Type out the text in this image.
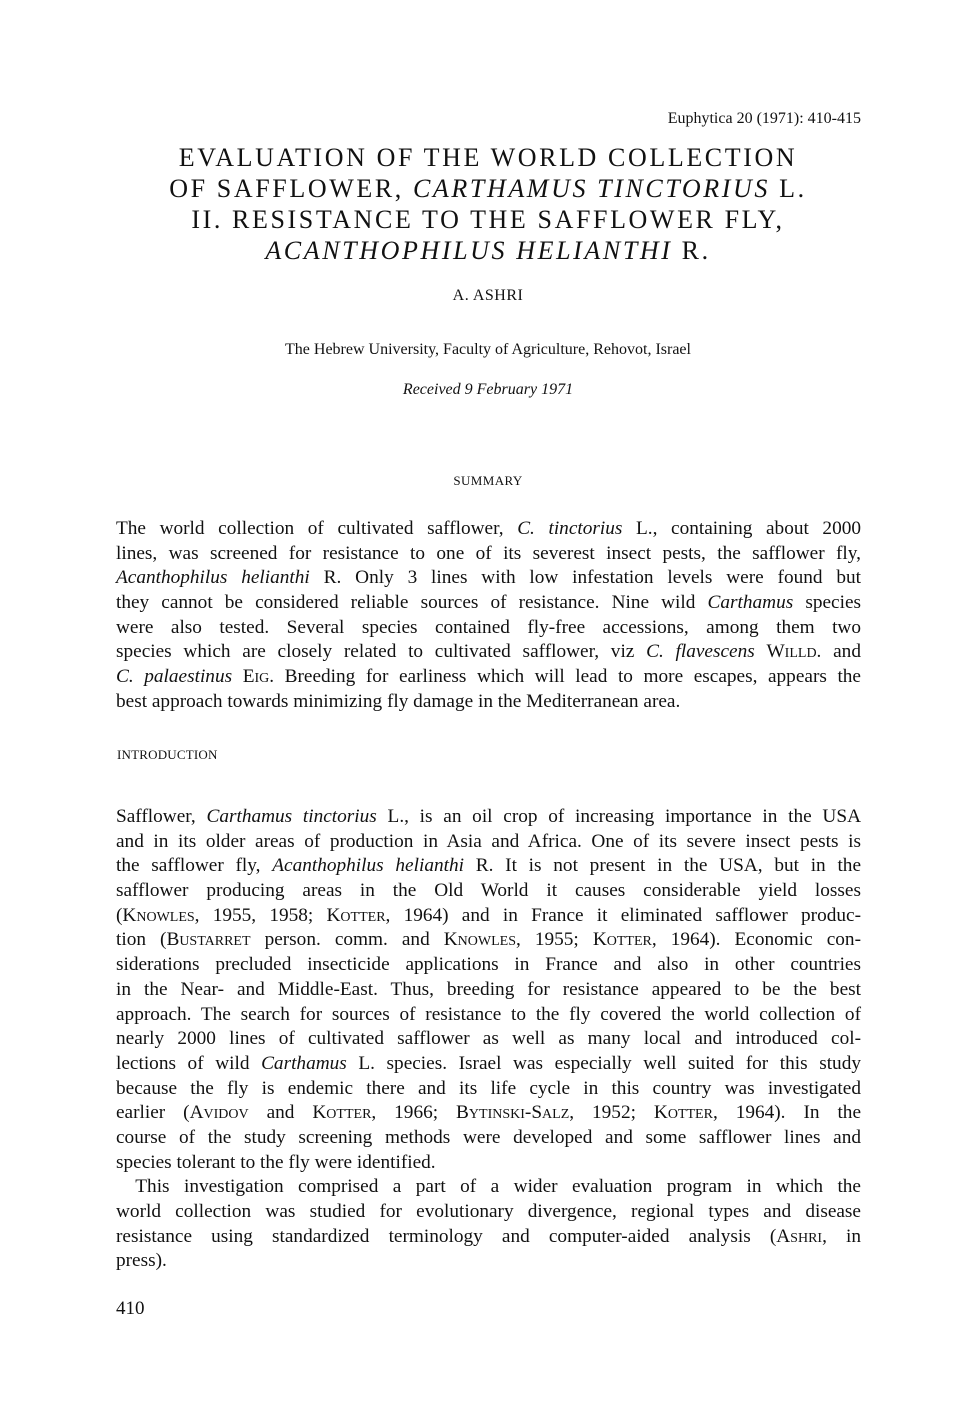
Euphytica 20 (1971): 410-415
EVALUATION OF THE WORLD COLLECTION
OF SAFFLOWER, CARTHAMUS TINCTORIUS L.
II. RESISTANCE TO THE SAFFLOWER FLY,
ACANTHOPHILUS HELIANTHI R.
A. ASHRI
The Hebrew University, Faculty of Agriculture, Rehovot, Israel
Received 9 February 1971
SUMMARY
The world collection of cultivated safflower, C. tinctorius L., containing about 2000
lines, was screened for resistance to one of its severest insect pests, the safflower fly,
Acanthophilus helianthi R. Only 3 lines with low infestation levels were found but
they cannot be considered reliable sources of resistance. Nine wild Carthamus species
were also tested. Several species contained fly-free accessions, among them two
species which are closely related to cultivated safflower, viz C. flavescens Willd. and
C. palaestinus Eig. Breeding for earliness which will lead to more escapes, appears the
best approach towards minimizing fly damage in the Mediterranean area.
INTRODUCTION
Safflower, Carthamus tinctorius L., is an oil crop of increasing importance in the USA
and in its older areas of production in Asia and Africa. One of its severe insect pests is
the safflower fly, Acanthophilus helianthi R. It is not present in the USA, but in the
safflower producing areas in the Old World it causes considerable yield losses
(Knowles, 1955, 1958; Kotter, 1964) and in France it eliminated safflower produc-
tion (Bustarret person. comm. and Knowles, 1955; Kotter, 1964). Economic con-
siderations precluded insecticide applications in France and also in other countries
in the Near- and Middle-East. Thus, breeding for resistance appeared to be the best
approach. The search for sources of resistance to the fly covered the world collection of
nearly 2000 lines of cultivated safflower as well as many local and introduced col-
lections of wild Carthamus L. species. Israel was especially well suited for this study
because the fly is endemic there and its life cycle in this country was investigated
earlier (Avidov and Kotter, 1966; Bytinski-Salz, 1952; Kotter, 1964). In the
course of the study screening methods were developed and some safflower lines and
species tolerant to the fly were identified.
 This investigation comprised a part of a wider evaluation program in which the
world collection was studied for evolutionary divergence, regional types and disease
resistance using standardized terminology and computer-aided analysis (Ashri, in
press).
410
